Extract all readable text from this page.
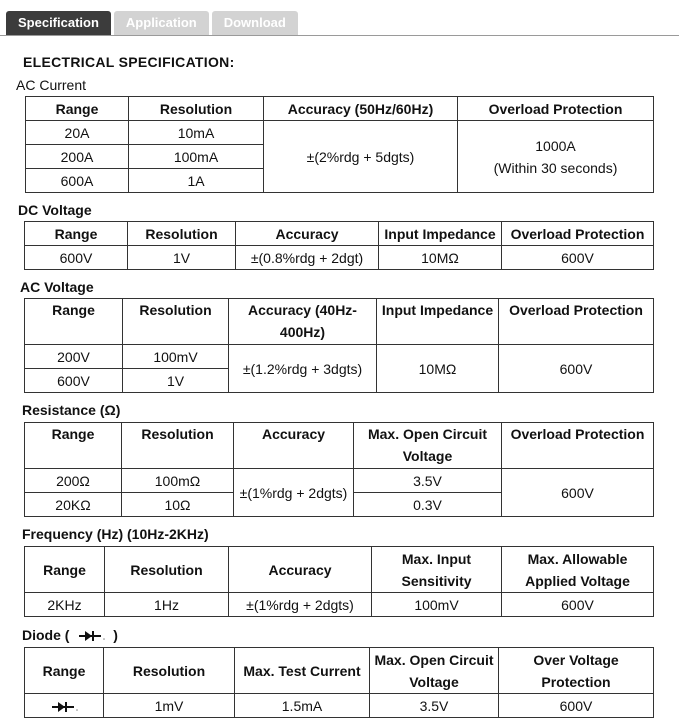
Specification	Application	Download
ELECTRICAL SPECIFICATION:
AC Current
Range	Resolution	Accuracy (50Hz/60Hz)	Overload Protection
20A	10mA	±(2%rdg + 5dgts)	1000A
(Within 30 seconds)
200A	100mA		
600A	1A		
DC Voltage
Range	Resolution	Accuracy	Input Impedance	Overload Protection
600V	1V	±(0.8%rdg + 2dgt)	10MΩ	600V
AC Voltage
Range	Resolution	Accuracy (40Hz-400Hz)	Input Impedance	Overload Protection
200V	100mV	±(1.2%rdg + 3dgts)	10MΩ	600V
600V	1V			
Resistance (Ω)
Range	Resolution	Accuracy	Max. Open Circuit Voltage	Overload Protection
200Ω	100mΩ	±(1%rdg + 2dgts)	3.5V	600V
20KΩ	10Ω		0.3V	
Frequency (Hz) (10Hz-2KHz)
Range	Resolution	Accuracy	Max. Input Sensitivity	Max. Allowable Applied Voltage
2KHz	1Hz	±(1%rdg + 2dgts)	100mV	600V
Diode (	)
Range	Resolution	Max. Test Current	Max. Open Circuit Voltage	Over Voltage Protection
	1mV	1.5mA	3.5V	600V
